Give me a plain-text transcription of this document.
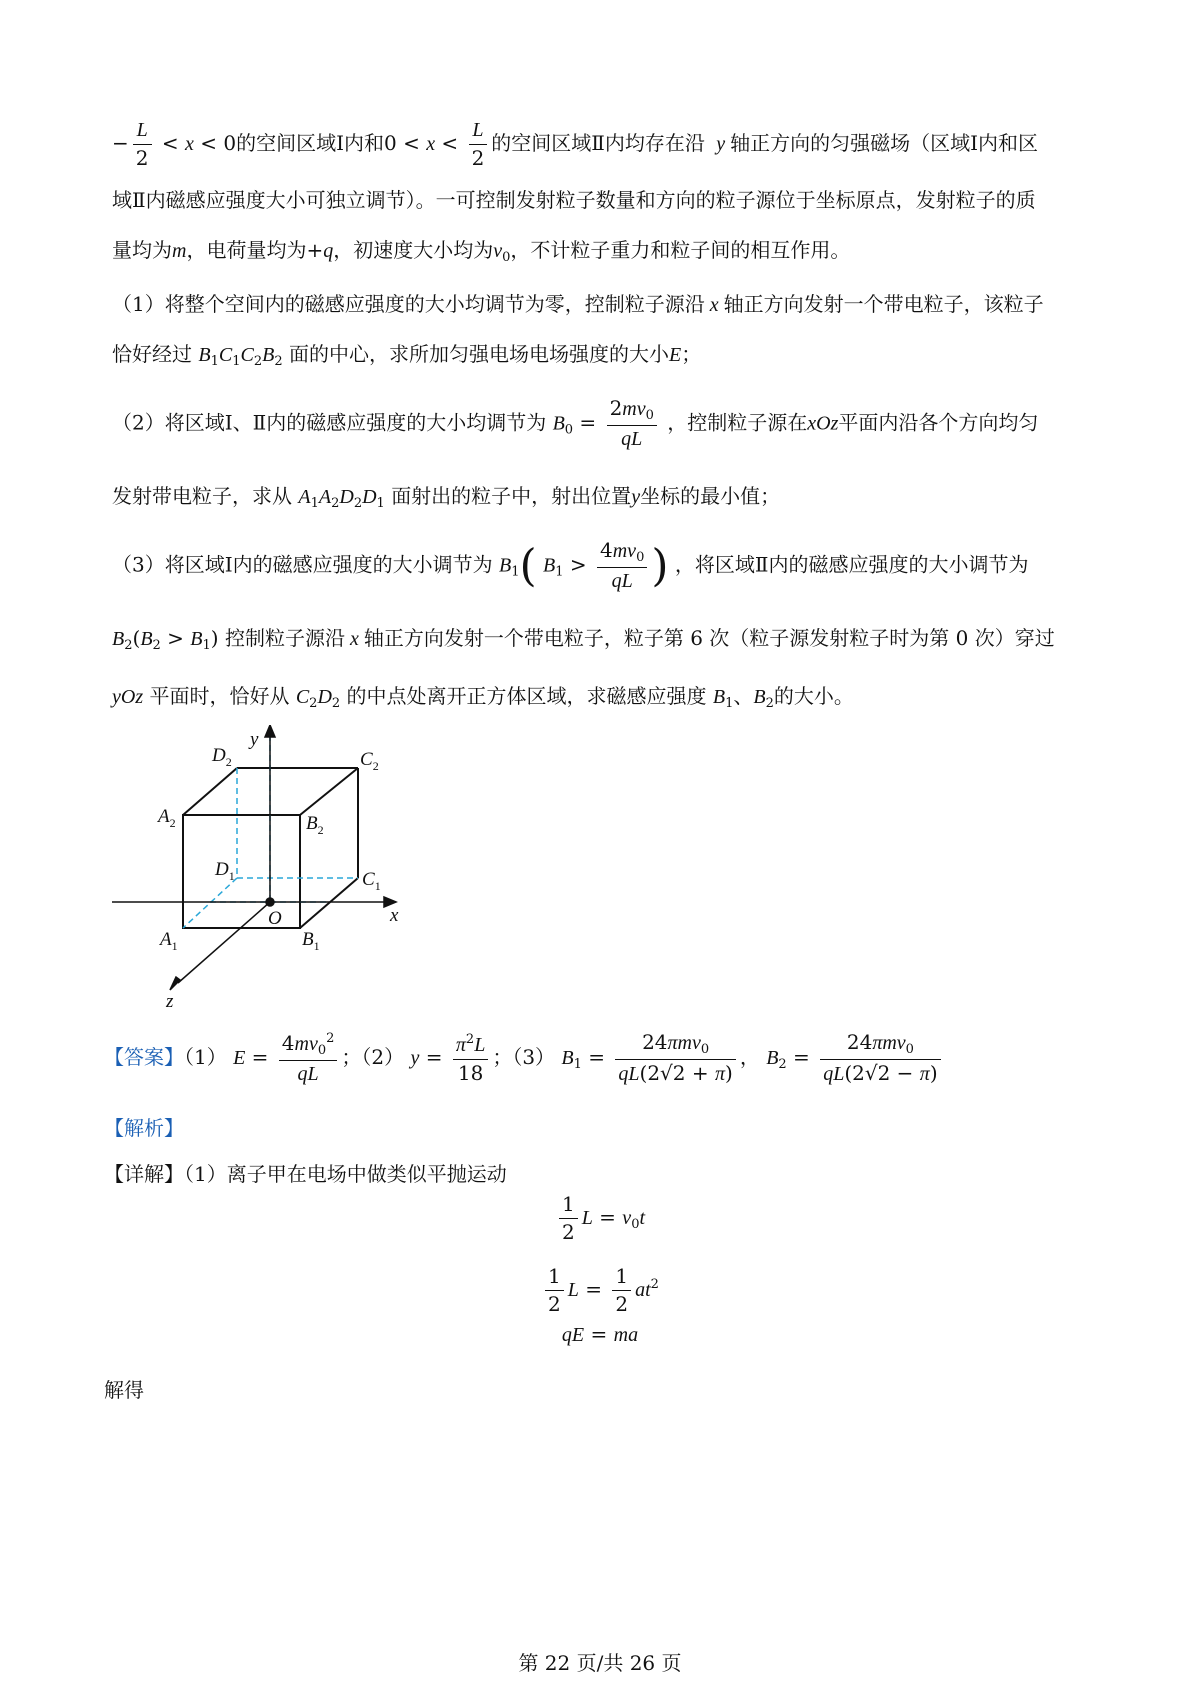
− $\frac{L}{2} < x < 0$的空间区域Ⅰ内和$0 < x < \frac{L}{2}$ 的空间区域Ⅱ内均存在沿  y 轴正方向的匀强磁场（区域Ⅰ内和区
域Ⅱ内磁感应强度大小可独立调节）。一可控制发射粒子数量和方向的粒子源位于坐标原点，发射粒子的质
量均为m，电荷量均为+q，初速度大小均为$v_0$，不计粒子重力和粒子间的相互作用。
（1）将整个空间内的磁感应强度的大小均调节为零，控制粒子源沿 x 轴正方向发射一个带电粒子，该粒子
恰好经过 $B_1C_1C_2B_2$ 面的中心，求所加匀强电场电场强度的大小E；
（2）将区域Ⅰ、Ⅱ内的磁感应强度的大小均调节为 $B_0 = \frac{2mv_0}{qL}$ ，控制粒子源在xOz平面内沿各个方向均匀
发射带电粒子，求从 $A_1A_2D_2D_1$ 面射出的粒子中，射出位置y坐标的最小值；
（3）将区域Ⅰ内的磁感应强度的大小调节为 $B_1$( $B_1 > \frac{4mv_0}{qL}$ ) ，将区域Ⅱ内的磁感应强度的大小调节为
$B_2(B_2 > B_1)$ 控制粒子源沿 x 轴正方向发射一个带电粒子，粒子第 6 次（粒子源发射粒子时为第 0 次）穿过
yOz 平面时，恰好从 $C_2D_2$ 的中点处离开正方体区域，求磁感应强度 $B_1$、$B_2$的大小。
y
x
z
O
$D_2$	$C_2$
$A_2$	$B_2$
$D_1$	$C_1$
$A_1$	$B_1$
【答案】（1） $E = \frac{4mv_0^2}{qL}$ ；（2） $y = \frac{\pi^2L}{18}$ ；（3） $B_1 = \frac{24\pi mv_0}{qL(2√2 + \pi)}$ ， $B_2 = \frac{24\pi mv_0}{qL(2√2 - \pi)}$
【解析】
【详解】（1）离子甲在电场中做类似平抛运动
$\frac{1}{2}$ $L = v_0t$
$\frac{1}{2}$ $L = \frac{1}{2} at^2$
qE = ma
解得
第 22 页/共 26 页
